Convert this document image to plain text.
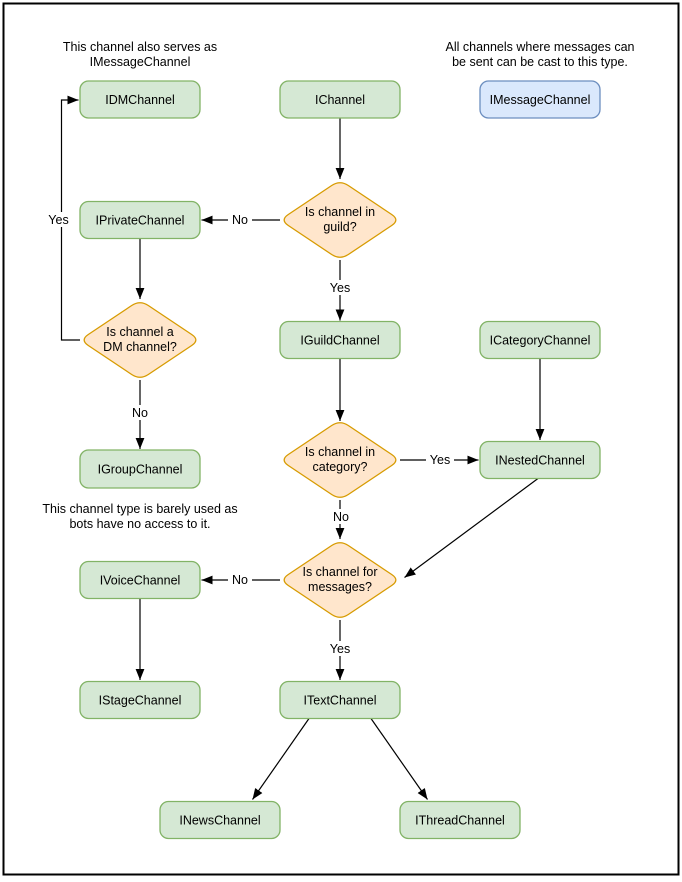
This channel also serves as
IMessageChannel
All channels where messages can
be sent can be cast to this type.
This channel type is barely used as
bots have no access to it.
IDMChannel	IChannel	IMessageChannel
IPrivateChannel
IGuildChannel	ICategoryChannel
INestedChannel
IGroupChannel
IVoiceChannel
IStageChannel	ITextChannel
INewsChannel	IThreadChannel
Is channel in
guild?
Is channel a
DM channel?
Is channel in
category?
Is channel for
messages?
Yes	No
Yes
No
Yes
No
No
Yes
